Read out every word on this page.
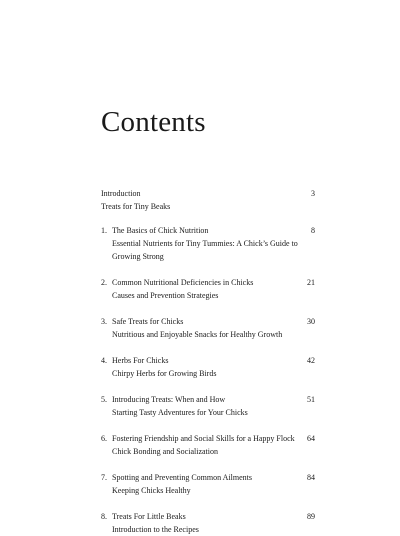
Contents
Introduction	3
Treats for Tiny Beaks
1. The Basics of Chick Nutrition	8
Essential Nutrients for Tiny Tummies: A Chick’s Guide to
Growing Strong
2. Common Nutritional Deficiencies in Chicks	21
Causes and Prevention Strategies
3. Safe Treats for Chicks	30
Nutritious and Enjoyable Snacks for Healthy Growth
4. Herbs For Chicks	42
Chirpy Herbs for Growing Birds
5. Introducing Treats: When and How	51
Starting Tasty Adventures for Your Chicks
6. Fostering Friendship and Social Skills for a Happy Flock 64
Chick Bonding and Socialization
7. Spotting and Preventing Common Ailments	84
Keeping Chicks Healthy
8. Treats For Little Beaks	89
Introduction to the Recipes
